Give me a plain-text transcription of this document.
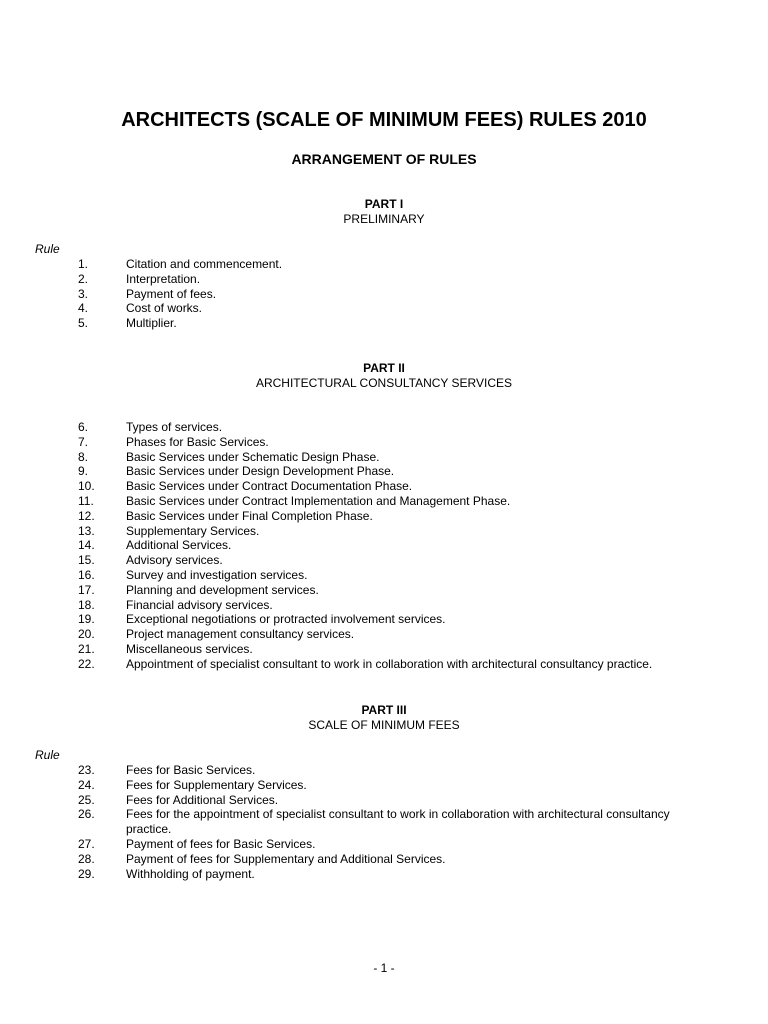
ARCHITECTS (SCALE OF MINIMUM FEES) RULES 2010
ARRANGEMENT OF RULES
PART I
PRELIMINARY
Rule
1.	Citation and commencement.
2.	Interpretation.
3.	Payment of fees.
4.	Cost of works.
5.	Multiplier.
PART II
ARCHITECTURAL CONSULTANCY SERVICES
6.	Types of services.
7.	Phases for Basic Services.
8.	Basic Services under Schematic Design Phase.
9.	Basic Services under Design Development Phase.
10.	Basic Services under Contract Documentation Phase.
11.	Basic Services under Contract Implementation and Management Phase.
12.	Basic Services under Final Completion Phase.
13.	Supplementary Services.
14.	Additional Services.
15.	Advisory services.
16.	Survey and investigation services.
17.	Planning and development services.
18.	Financial advisory services.
19.	Exceptional negotiations or protracted involvement services.
20.	Project management consultancy services.
21.	Miscellaneous services.
22.	Appointment of specialist consultant to work in collaboration with architectural consultancy practice.
PART III
SCALE OF MINIMUM FEES
Rule
23.	Fees for Basic Services.
24.	Fees for Supplementary Services.
25.	Fees for Additional Services.
26.	Fees for the appointment of specialist consultant to work in collaboration with architectural consultancy practice.
27.	Payment of fees for Basic Services.
28.	Payment of fees for Supplementary and Additional Services.
29.	Withholding of payment.
- 1 -
